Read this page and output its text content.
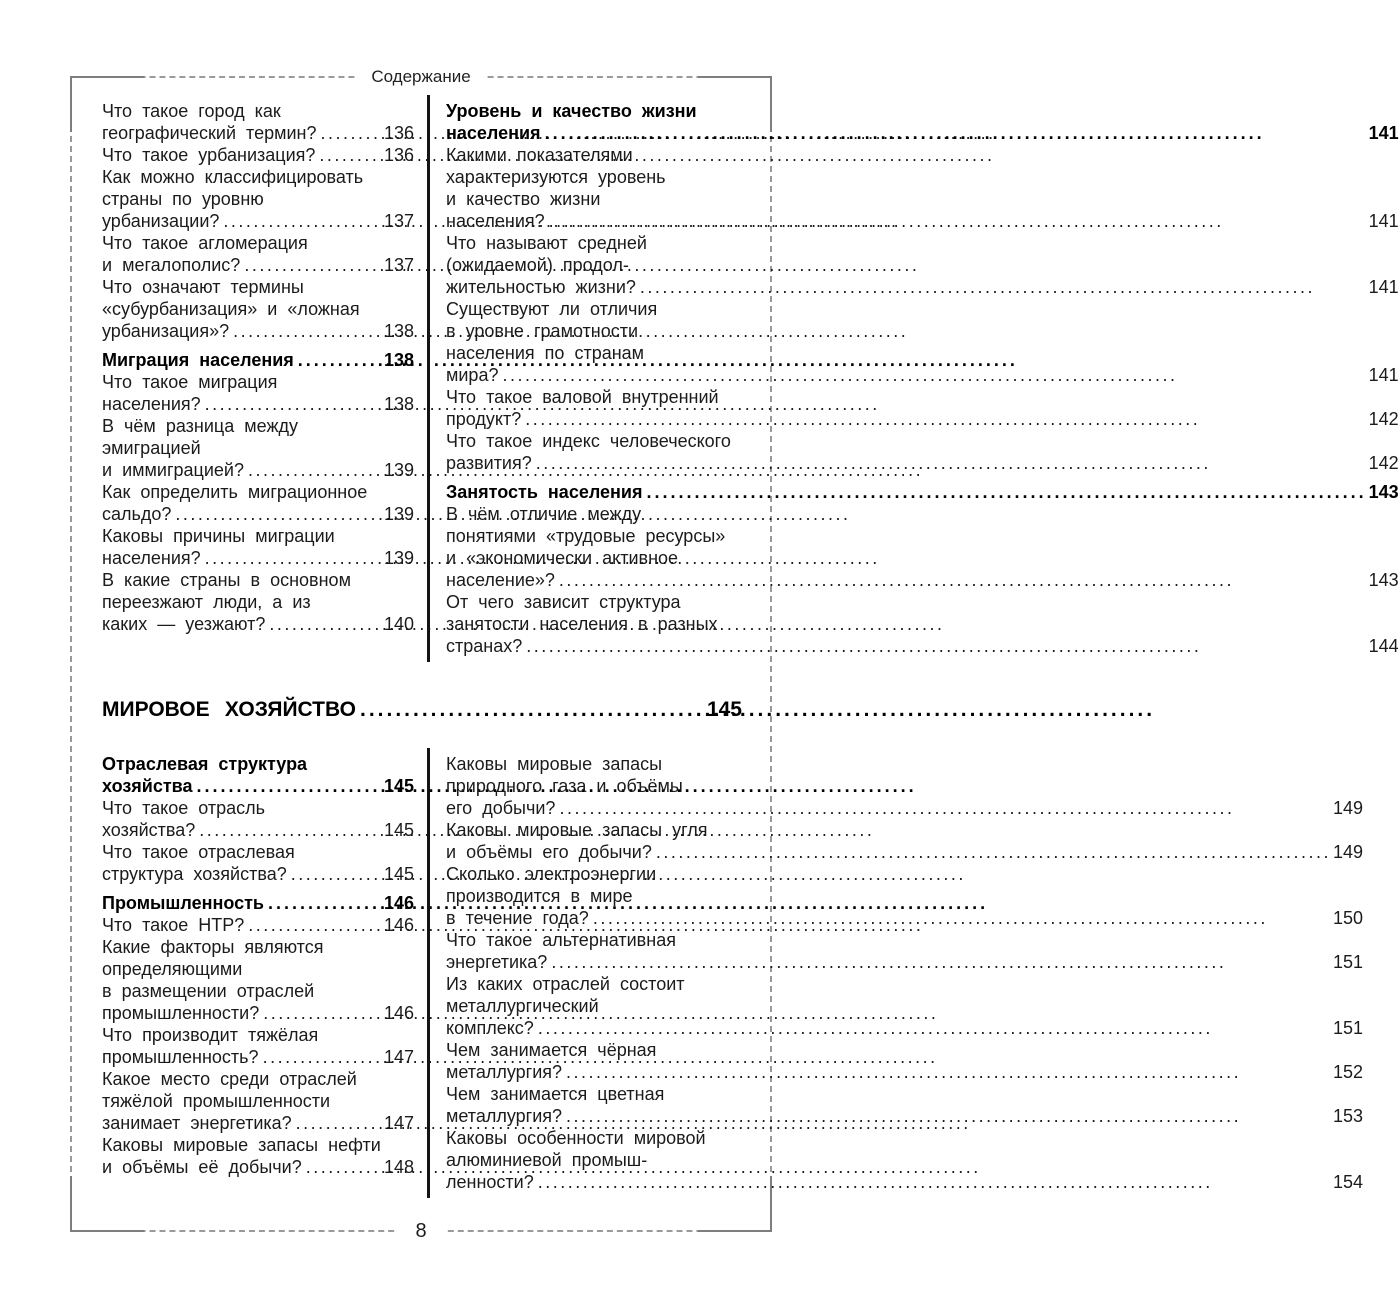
Содержание
Что такое город как
географический термин? .....	136
Что такое урбанизация? .....	136
Как можно классифицировать
страны по уровню
урбанизации? .....	137
Что такое агломерация
и мегалополис? .....	137
Что означают термины
«субурбанизация» и «ложная
урбанизация»? .....	138
Миграция населения .....	138
Что такое миграция
населения? .....	138
В чём разница между
эмиграцией
и иммиграцией? .....	139
Как определить миграционное
сальдо? .....	139
Каковы причины миграции
населения? .....	139
В какие страны в основном
переезжают люди, а из
каких — уезжают? .....	140
Уровень и качество жизни
населения .....	141
Какими показателями
характеризуются уровень
и качество жизни
населения? .....	141
Что называют средней
(ожидаемой) продол-
жительностью жизни? .....	141
Существуют ли отличия
в уровне грамотности
населения по странам
мира? .....	141
Что такое валовой внутренний
продукт? .....	142
Что такое индекс человеческого
развития? .....	142
Занятость населения .....	143
В чём отличие между
понятиями «трудовые ресурсы»
и «экономически активное
население»? .....	143
От чего зависит структура
занятости населения в разных
странах? .....	144
МИРОВОЕ ХОЗЯЙСТВО .....	145
Отраслевая структура
хозяйства .....	145
Что такое отрасль
хозяйства? .....	145
Что такое отраслевая
структура хозяйства? .....	145
Промышленность .....	146
Что такое НТР? .....	146
Какие факторы являются
определяющими
в размещении отраслей
промышленности? .....	146
Что производит тяжёлая
промышленность? .....	147
Какое место среди отраслей
тяжёлой промышленности
занимает энергетика? .....	147
Каковы мировые запасы нефти
и объёмы её добычи? .....	148
Каковы мировые запасы
природного газа и объёмы
его добычи? .....	149
Каковы мировые запасы угля
и объёмы его добычи? .....	149
Сколько электроэнергии
производится в мире
в течение года? .....	150
Что такое альтернативная
энергетика? .....	151
Из каких отраслей состоит
металлургический
комплекс? .....	151
Чем занимается чёрная
металлургия? .....	152
Чем занимается цветная
металлургия? .....	153
Каковы особенности мировой
алюминиевой промыш-
ленности? .....	154
8
